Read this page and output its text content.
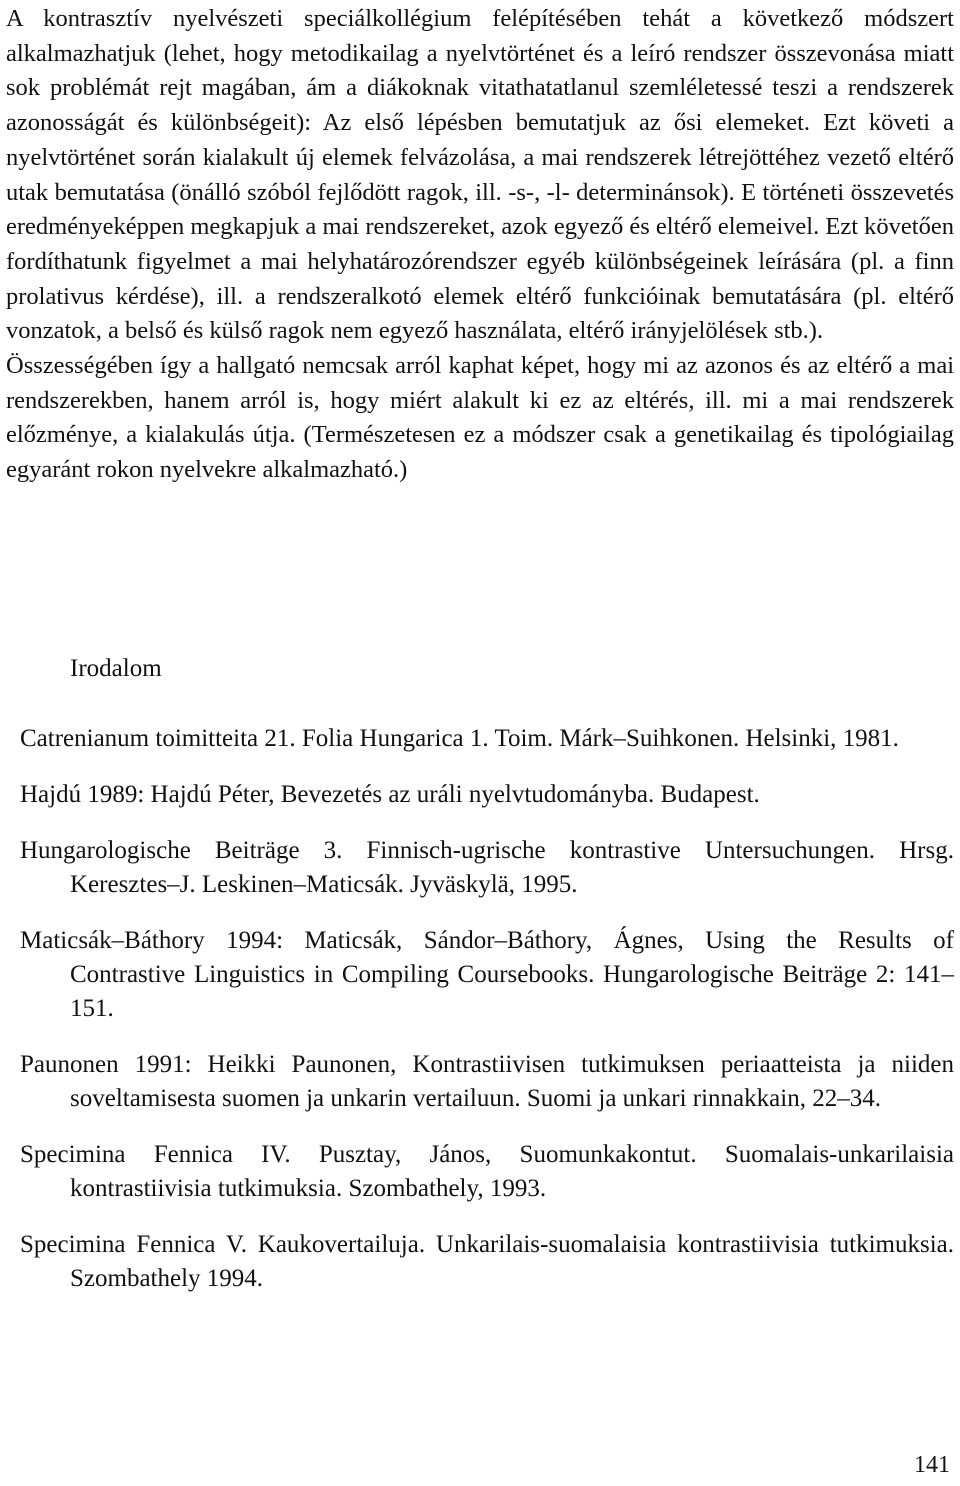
A kontrasztív nyelvészeti speciálkollégium felépítésében tehát a következő módszert alkalmazhatjuk (lehet, hogy metodikailag a nyelvtörténet és a leíró rendszer összevonása miatt sok problémát rejt magában, ám a diákoknak vitathatatlanul szemléletessé teszi a rendszerek azonosságát és különbségeit): Az első lépésben bemutatjuk az ősi elemeket. Ezt követi a nyelvtörténet során kialakult új elemek felvázolása, a mai rendszerek létrejöttéhez vezető eltérő utak bemutatása (önálló szóból fejlődött ragok, ill. -s-, -l- determinánsok). E történeti összevetés eredményeképpen megkapjuk a mai rendszereket, azok egyező és eltérő elemeivel. Ezt követően fordíthatunk figyelmet a mai helyhatározórendszer egyéb különbségeinek leírására (pl. a finn prolativus kérdése), ill. a rendszeralkotó elemek eltérő funkcióinak bemutatására (pl. eltérő vonzatok, a belső és külső ragok nem egyező használata, eltérő irányjelölések stb.).

Összességében így a hallgató nemcsak arról kaphat képet, hogy mi az azonos és az eltérő a mai rendszerekben, hanem arról is, hogy miért alakult ki ez az eltérés, ill. mi a mai rendszerek előzménye, a kialakulás útja. (Természetesen ez a módszer csak a genetikailag és tipológiailag egyaránt rokon nyelvekre alkalmazható.)

Irodalom

Catrenianum toimitteita 21. Folia Hungarica 1. Toim. Márk–Suihkonen. Helsinki, 1981.

Hajdú 1989: Hajdú Péter, Bevezetés az uráli nyelvtudományba. Budapest.

Hungarologische Beiträge 3. Finnisch-ugrische kontrastive Untersuchungen. Hrsg. Keresztes–J. Leskinen–Maticsák. Jyväskylä, 1995.

Maticsák–Báthory 1994: Maticsák, Sándor–Báthory, Ágnes, Using the Results of Contrastive Linguistics in Compiling Coursebooks. Hungarologische Beiträge 2: 141–151.

Paunonen 1991: Heikki Paunonen, Kontrastiivisen tutkimuksen periaatteista ja niiden soveltamisesta suomen ja unkarin vertailuun. Suomi ja unkari rinnakkain, 22–34.

Specimina Fennica IV. Pusztay, János, Suomunkakontut. Suomalais-unkarilaisia kontrastiivisia tutkimuksia. Szombathely, 1993.

Specimina Fennica V. Kaukovertailuja. Unkarilais-suomalaisia kontrastiivisia tutkimuksia. Szombathely 1994.

141
